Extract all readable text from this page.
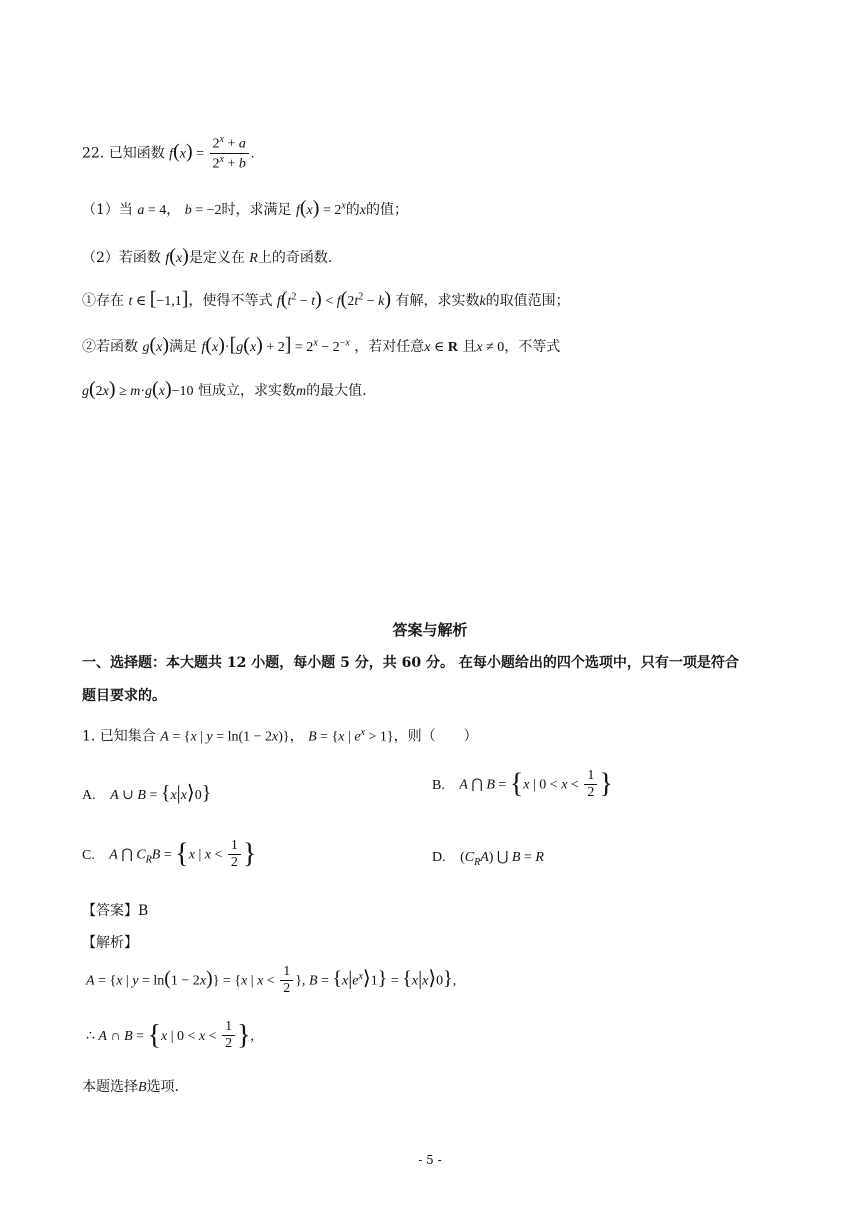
22. 已知函数 $f(x) = \frac{2^x + a}{2^x + b}$ .
（1）当 a = 4， b = −2时，求满足 $f(x) = 2^x$的x的值；
（2）若函数 f(x)是定义在 R上的奇函数.
①存在 t ∈ [−1,1]，使得不等式 $f(t^2 - t) < f(2t^2 - k)$ 有解，求实数k的取值范围；
②若函数 g(x)满足 $f(x)\cdot[g(x) + 2] = 2^x - 2^{-x}$ ，若对任意x ∈ R 且x ≠ 0，不等式
g(2x) ≥ m·g(x)−10 恒成立，求实数m的最大值.
答案与解析
一、选择题：本大题共 12 小题，每小题 5 分，共 60 分。 在每小题给出的四个选项中，只有一项是符合
题目要求的。
1. 已知集合 A = {x | y = ln(1 − 2x)}， B = {x | $e^x > 1$}，则（　　）
A. A ∪ B = {x|x⟩0}	B. A ⋂ B = {x | $0 < x < \frac{1}{2}$ }
C. A ⋂ $C_RB = \{x$ | $x < \frac{1}{2}$ }	D. $(C_RA)$ ⋃ B = R
【答案】B
【解析】
A = {x | y = ln(1 − 2x)} = {x | $x < \frac{1}{2}$ }, $B = \{x|e^x⟩1\}$ = {x|x⟩0},
∴ A ∩ B = {x | $0 < x < \frac{1}{2}$ },
本题选择B选项.
- 5 -
